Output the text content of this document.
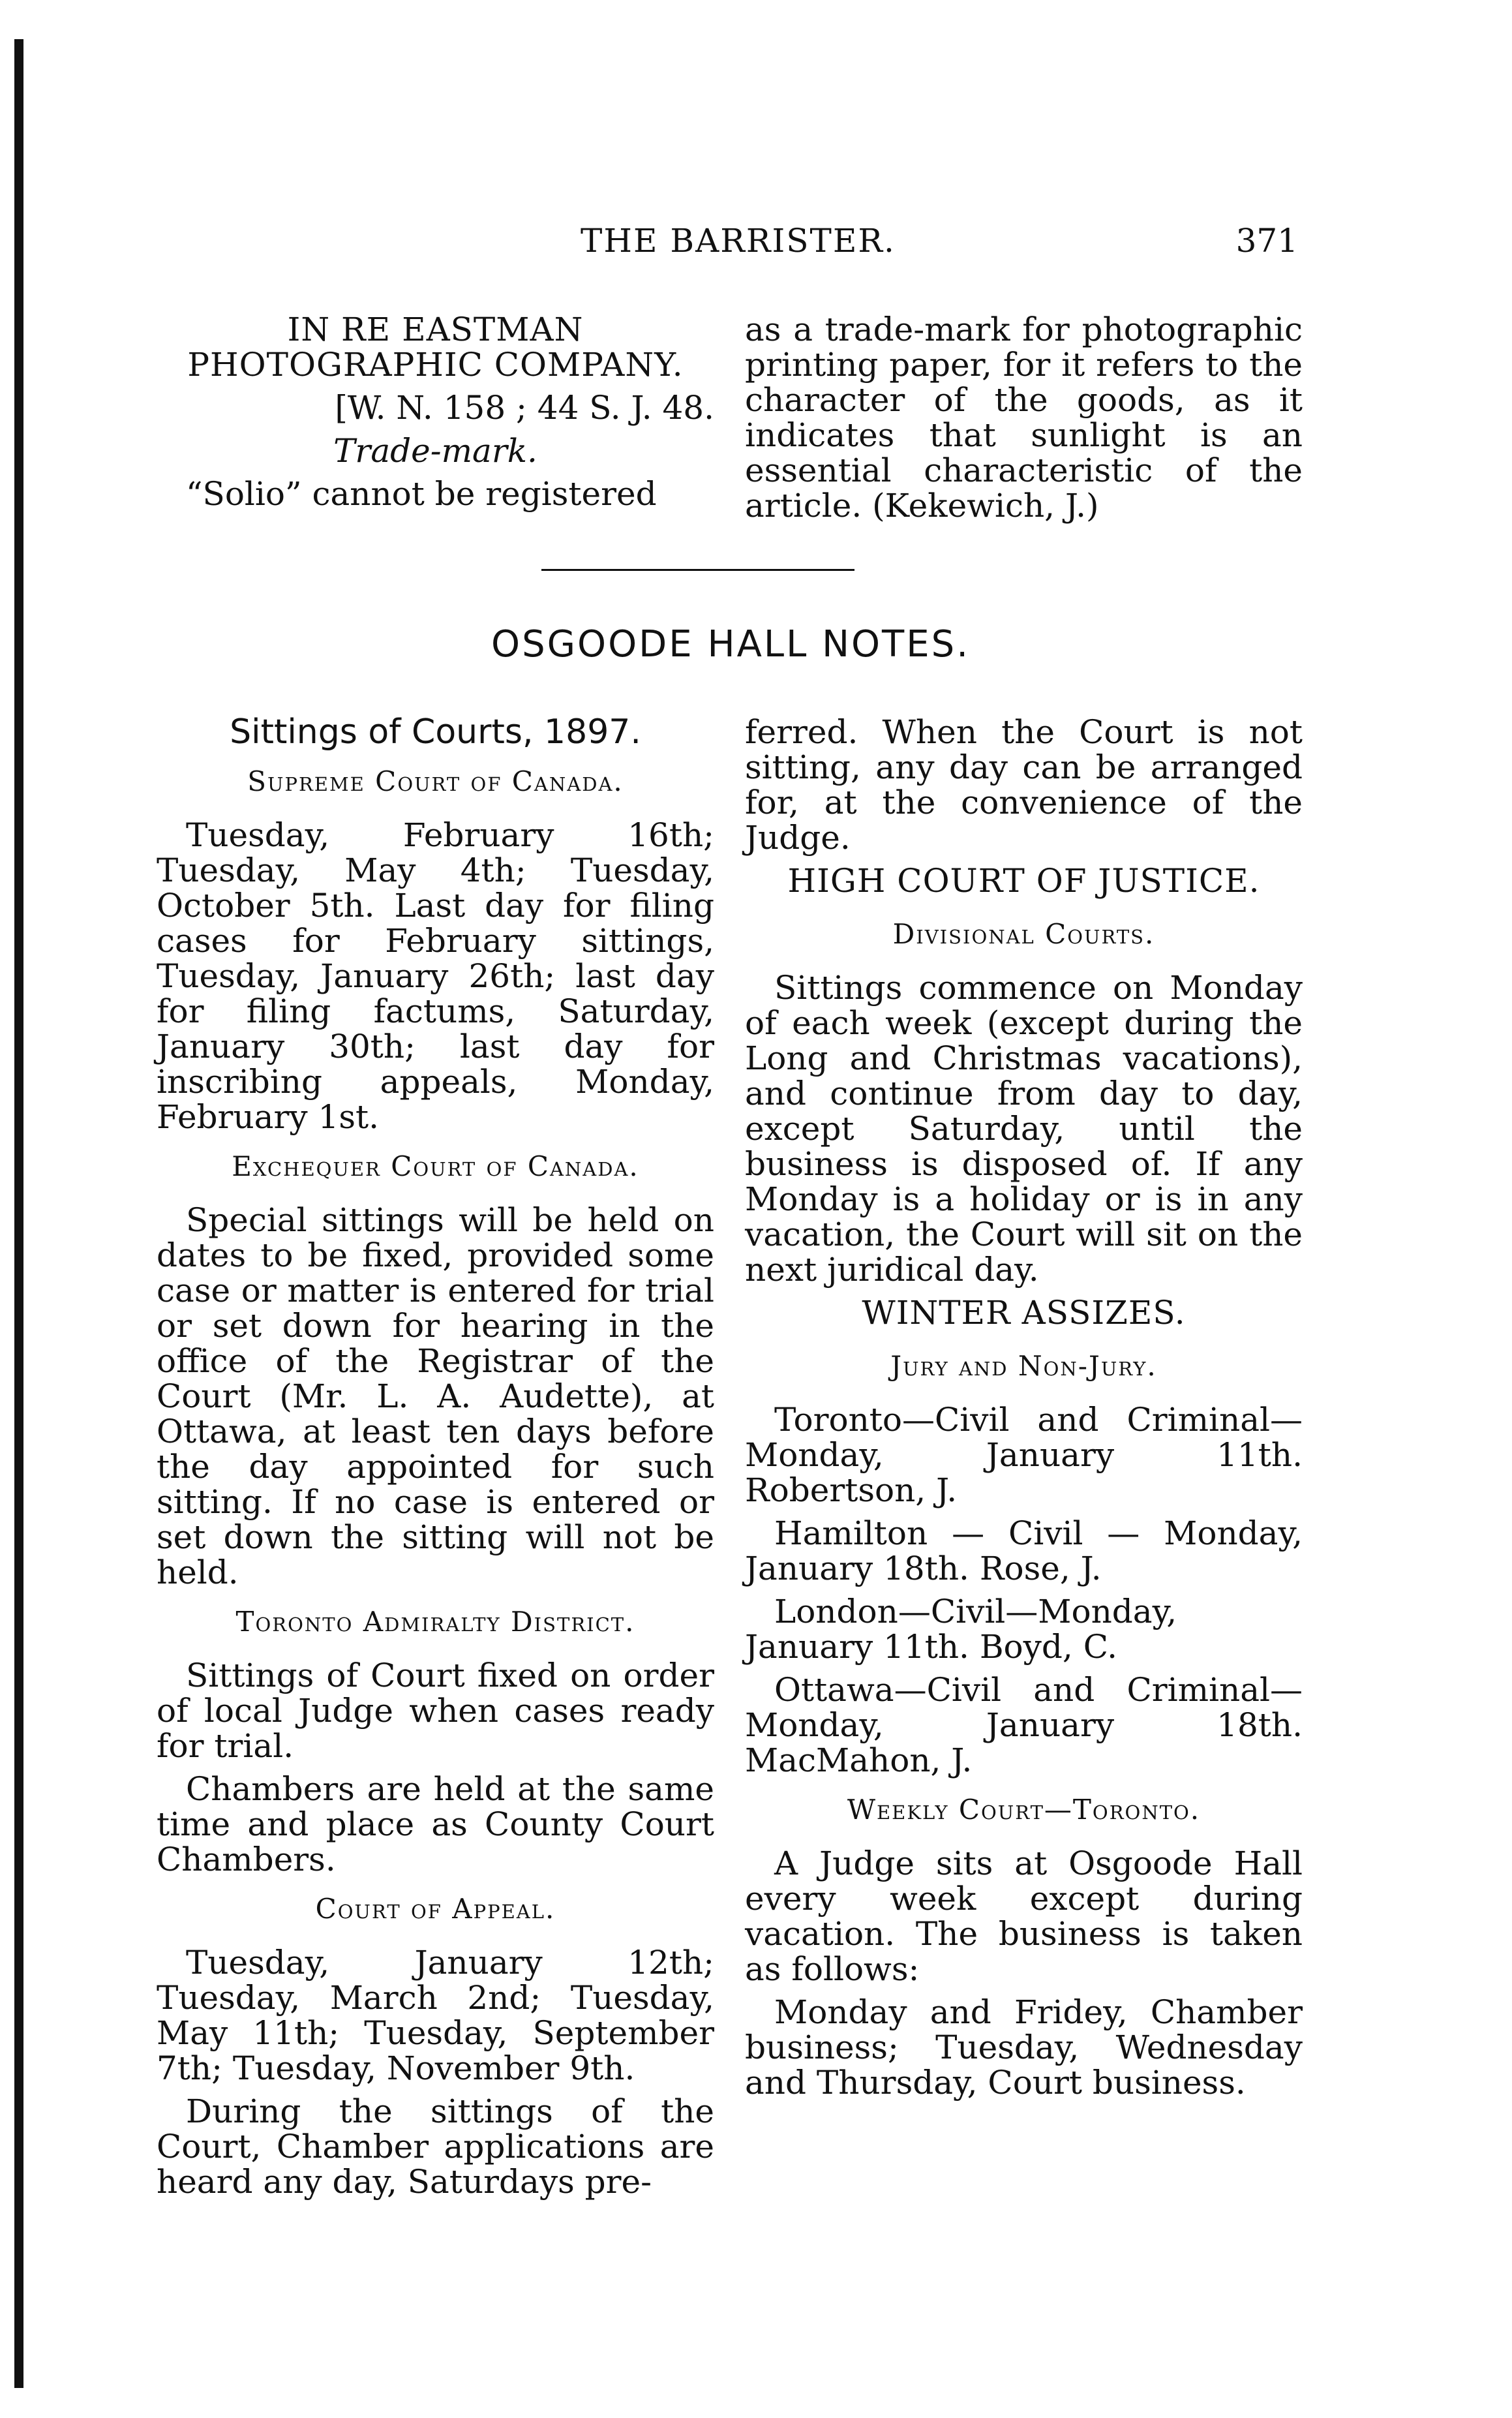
THE BARRISTER.	371

IN RE EASTMAN PHOTOGRAPHIC COMPANY.

[W. N. 158 ; 44 S. J. 48.

Trade-mark.

“Solio” cannot be registered

as a trade-mark for photographic printing paper, for it refers to the character of the goods, as it indicates that sunlight is an essential characteristic of the article. (Kekewich, J.)

OSGOODE HALL NOTES.
Sittings of Courts, 1897.
Supreme Court of Canada.

Tuesday, February 16th; Tuesday, May 4th; Tuesday, October 5th. Last day for filing cases for February sittings, Tuesday, January 26th; last day for filing factums, Saturday, January 30th; last day for inscribing appeals, Monday, February 1st.

Exchequer Court of Canada.

Special sittings will be held on dates to be fixed, provided some case or matter is entered for trial or set down for hearing in the office of the Registrar of the Court (Mr. L. A. Audette), at Ottawa, at least ten days before the day appointed for such sitting. If no case is entered or set down the sitting will not be held.

Toronto Admiralty District.

Sittings of Court fixed on order of local Judge when cases ready for trial.

Chambers are held at the same time and place as County Court Chambers.

Court of Appeal.

Tuesday, January 12th; Tuesday, March 2nd; Tuesday, May 11th; Tuesday, September 7th; Tuesday, November 9th.

During the sittings of the Court, Chamber applications are heard any day, Saturdays pre-

ferred. When the Court is not sitting, any day can be arranged for, at the convenience of the Judge.

HIGH COURT OF JUSTICE.
Divisional Courts.

Sittings commence on Monday of each week (except during the Long and Christmas vacations), and continue from day to day, except Saturday, until the business is disposed of. If any Monday is a holiday or is in any vacation, the Court will sit on the next juridical day.

WINTER ASSIZES.
Jury and Non-Jury.

Toronto—Civil and Criminal—Monday, January 11th. Robertson, J.

Hamilton — Civil — Monday, January 18th. Rose, J.

London—Civil—Monday, January 11th. Boyd, C.

Ottawa—Civil and Criminal—Monday, January 18th. MacMahon, J.

Weekly Court—Toronto.

A Judge sits at Osgoode Hall every week except during vacation. The business is taken as follows:

Monday and Fridey, Chamber business; Tuesday, Wednesday and Thursday, Court business.
